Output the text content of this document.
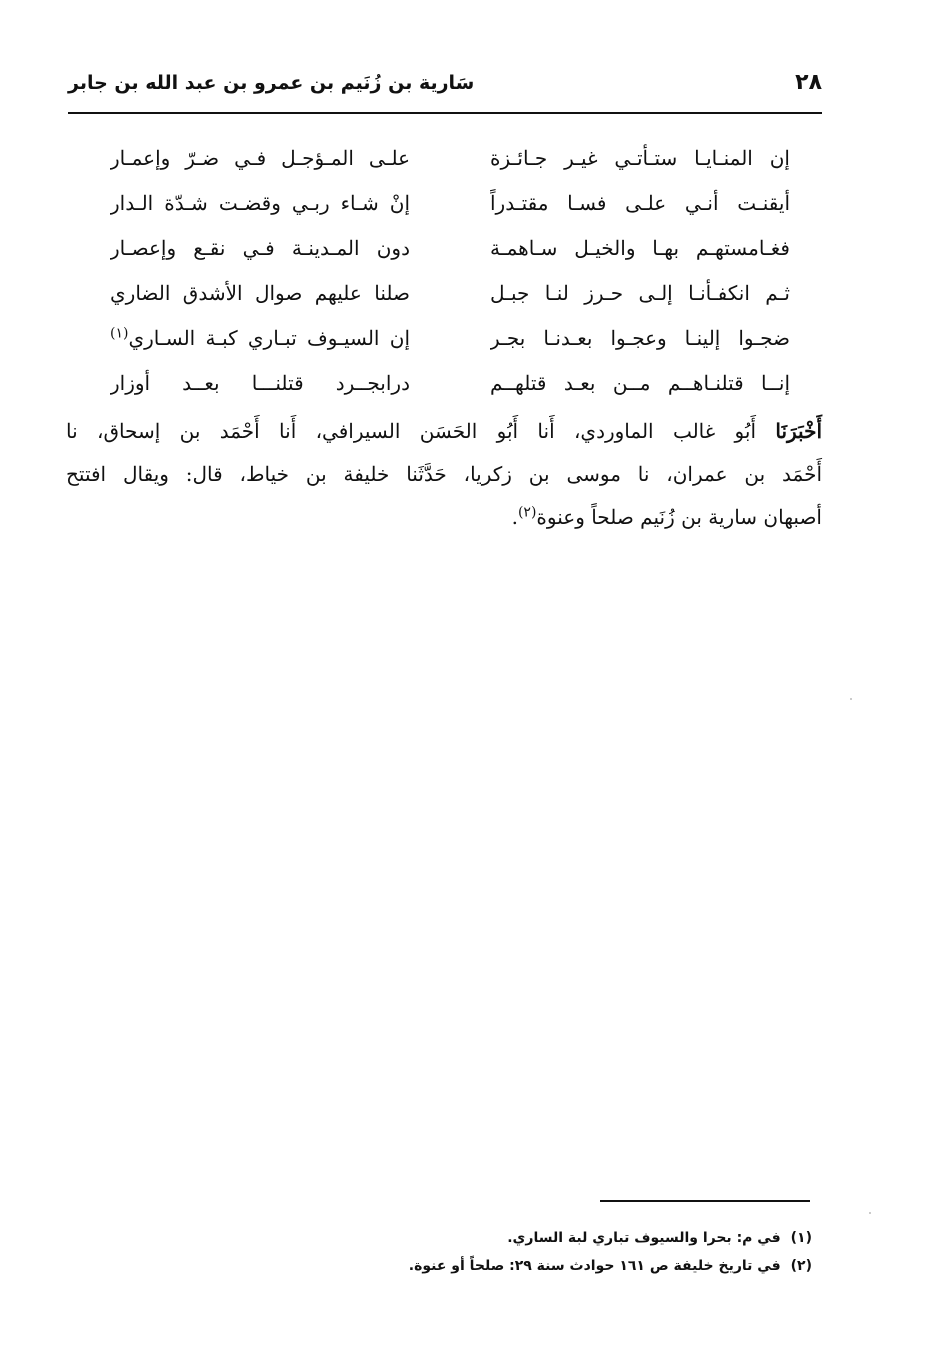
٢٨
سَارية بن زُنَيم بن عمرو بن عبد الله بن جابر
إن المنـايـا ستـأتـي غيـر جـائـزة
علـى المـؤجـل فـي ضـرّ وإعمـار
أيقنـت أنـي علـى فسـا مقتـدراً
إنْ شـاء ربـي وقضـت شـدّة الـدار
فغـامستهـم بهـا والخيـل سـاهمـة
دون المـدينـة فـي نقـع وإعصـار
ثـم انكفـأنـا إلـى حـرز لنـا جبـل
صلنا عليهم صوال الأشدق الضاري
ضجـوا إلينـا وعجـوا بعـدنـا بجـر
إن السيـوف تبـاري كبـة السـاري$^{(١)}$
إنــا قتلنـاهــم مــن بعـد قتلهــم
درابجــرد قتلنـــا بعــد أوزار
أَخْبَرَنَا أَبُو غالب الماوردي، أَنا أَبُو الحَسَن السيرافي، أَنا أَحْمَد بن إسحاق، نا
أَحْمَد بن عمران، نا موسى بن زكريا، حَدَّثَنا خليفة بن خياط، قال: ويقال افتتح
أصبهان سارية بن زُنَيم صلحاً وعنوة$^{(٢)}$.
(١)في م: بحرا والسيوف تباري لبة الساري.
(٢)في تاريخ خليفة ص ١٦١ حوادث سنة ٢٩: صلحاً أو عنوة.
